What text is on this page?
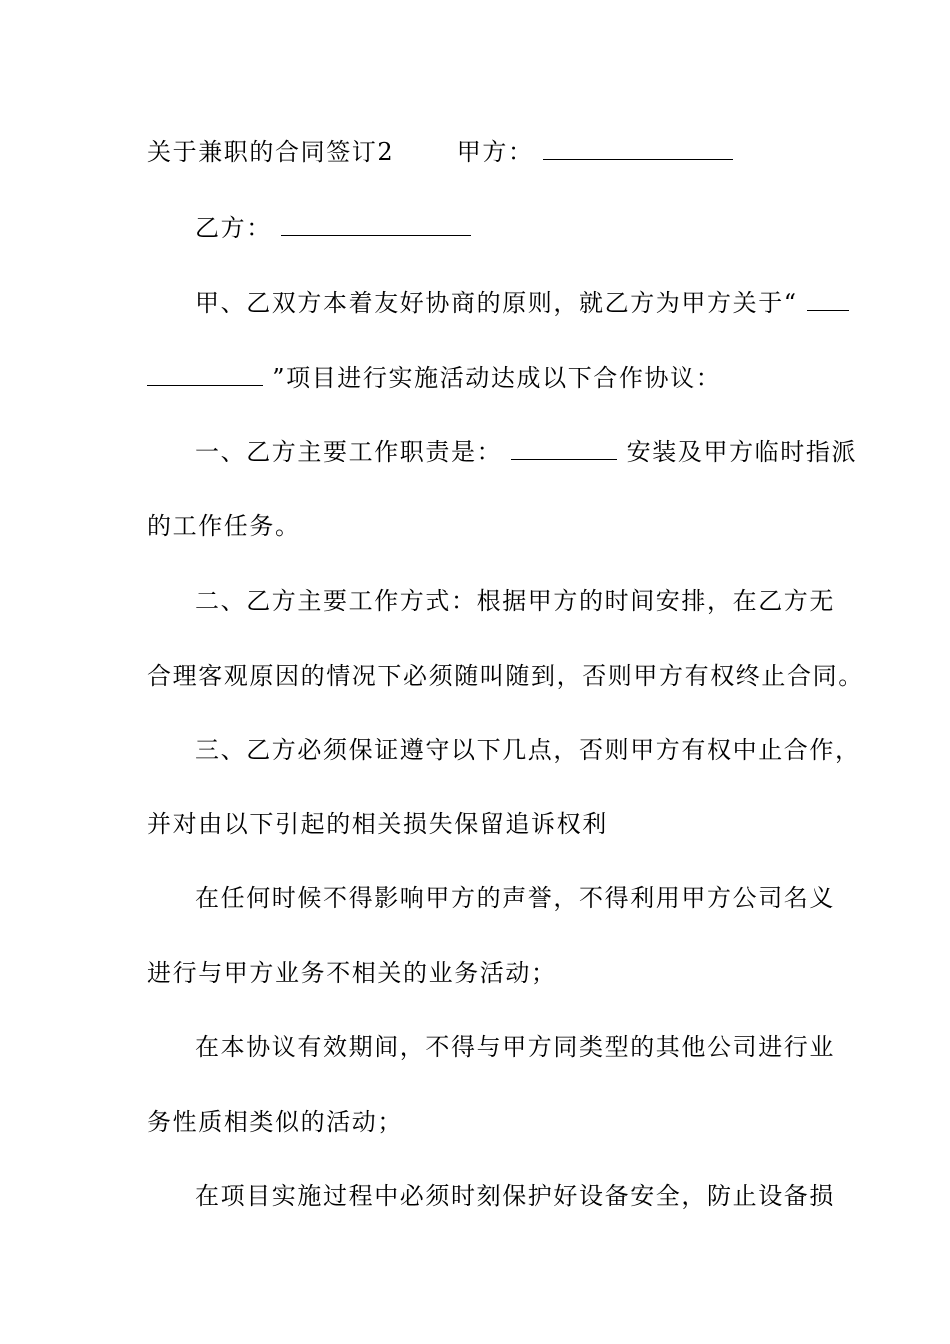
关于兼职的合同签订2	甲方：
乙方：
甲、乙双方本着友好协商的原则，就乙方为甲方关于“
”项目进行实施活动达成以下合作协议：
一、乙方主要工作职责是：	安装及甲方临时指派
的工作任务。
二、乙方主要工作方式：根据甲方的时间安排，在乙方无
合理客观原因的情况下必须随叫随到，否则甲方有权终止合同。
三、乙方必须保证遵守以下几点，否则甲方有权中止合作，
并对由以下引起的相关损失保留追诉权利
在任何时候不得影响甲方的声誉，不得利用甲方公司名义
进行与甲方业务不相关的业务活动；
在本协议有效期间，不得与甲方同类型的其他公司进行业
务性质相类似的活动；
在项目实施过程中必须时刻保护好设备安全，防止设备损
